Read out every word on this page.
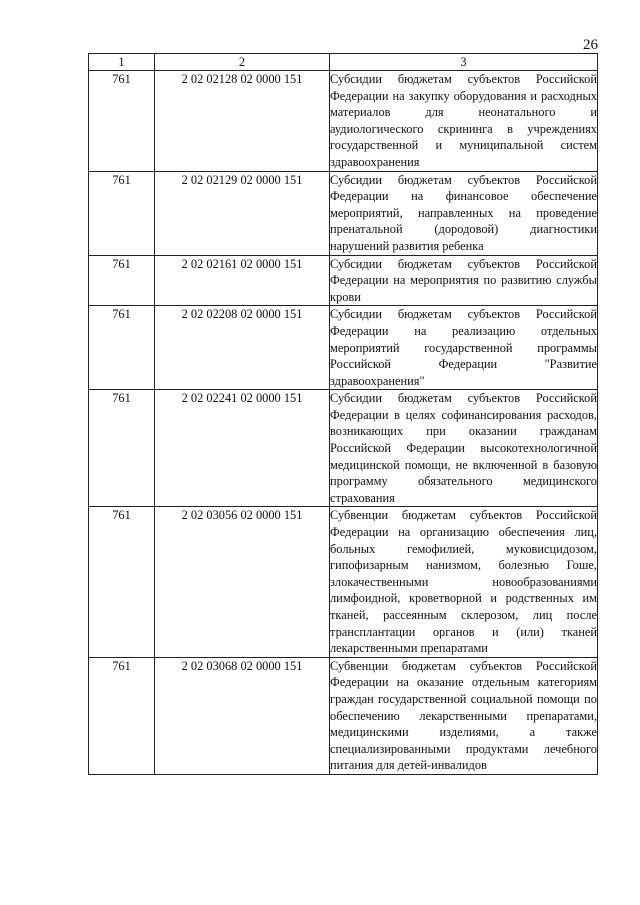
26
1	2	3
761	2 02 02128 02 0000 151	Субсидии бюджетам субъектов Российской Федерации на закупку оборудования и расходных материалов для неонатального и аудиологического скрининга в учреждениях государственной и муниципальной систем здравоохранения
761	2 02 02129 02 0000 151	Субсидии бюджетам субъектов Российской Федерации на финансовое обеспечение мероприятий, направленных на проведение пренатальной (дородовой) диагностики нарушений развития ребенка
761	2 02 02161 02 0000 151	Субсидии бюджетам субъектов Российской Федерации на мероприятия по развитию службы крови
761	2 02 02208 02 0000 151	Субсидии бюджетам субъектов Российской Федерации на реализацию отдельных мероприятий государственной программы Российской Федерации "Развитие здравоохранения"
761	2 02 02241 02 0000 151	Субсидии бюджетам субъектов Российской Федерации в целях софинансирования расходов, возникающих при оказании гражданам Российской Федерации высокотехнологичной медицинской помощи, не включенной в базовую программу обязательного медицинского страхования
761	2 02 03056 02 0000 151	Субвенции бюджетам субъектов Российской Федерации на организацию обеспечения лиц, больных гемофилией, муковисцидозом, гипофизарным нанизмом, болезнью Гоше, злокачественными новообразованиями лимфоидной, кроветворной и родственных им тканей, рассеянным склерозом, лиц после трансплантации органов и (или) тканей лекарственными препаратами
761	2 02 03068 02 0000 151	Субвенции бюджетам субъектов Российской Федерации на оказание отдельным категориям граждан государственной социальной помощи по обеспечению лекарственными препаратами, медицинскими изделиями, а также специализированными продуктами лечебного питания для детей-инвалидов
